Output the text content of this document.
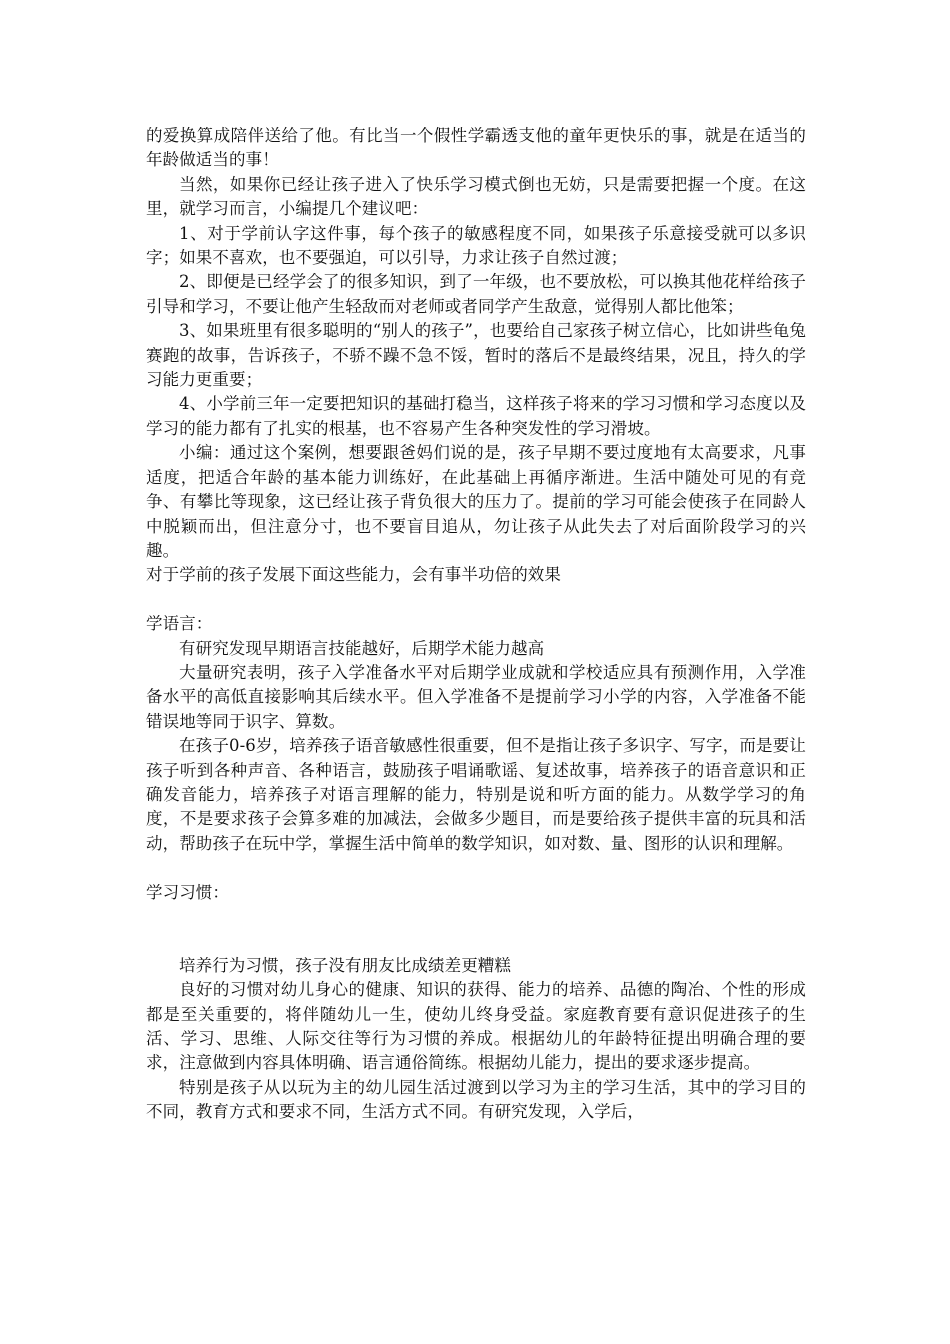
的爱换算成陪伴送给了他。有比当一个假性学霸透支他的童年更快乐的事，就是在适当的年龄做适当的事！

当然，如果你已经让孩子进入了快乐学习模式倒也无妨，只是需要把握一个度。在这里，就学习而言，小编提几个建议吧：

1、对于学前认字这件事，每个孩子的敏感程度不同，如果孩子乐意接受就可以多识字；如果不喜欢，也不要强迫，可以引导，力求让孩子自然过渡；

2、即便是已经学会了的很多知识，到了一年级，也不要放松，可以换其他花样给孩子引导和学习，不要让他产生轻敌而对老师或者同学产生敌意，觉得别人都比他笨；

3、如果班里有很多聪明的“别人的孩子”，也要给自己家孩子树立信心，比如讲些龟兔赛跑的故事，告诉孩子，不骄不躁不急不馁，暂时的落后不是最终结果，况且，持久的学习能力更重要；

4、小学前三年一定要把知识的基础打稳当，这样孩子将来的学习习惯和学习态度以及学习的能力都有了扎实的根基，也不容易产生各种突发性的学习滑坡。

小编：通过这个案例，想要跟爸妈们说的是，孩子早期不要过度地有太高要求，凡事适度，把适合年龄的基本能力训练好，在此基础上再循序渐进。生活中随处可见的有竞争、有攀比等现象，这已经让孩子背负很大的压力了。提前的学习可能会使孩子在同龄人中脱颖而出，但注意分寸，也不要盲目追从，勿让孩子从此失去了对后面阶段学习的兴趣。

对于学前的孩子发展下面这些能力，会有事半功倍的效果

学语言：

有研究发现早期语言技能越好，后期学术能力越高

大量研究表明，孩子入学准备水平对后期学业成就和学校适应具有预测作用，入学准备水平的高低直接影响其后续水平。但入学准备不是提前学习小学的内容，入学准备不能错误地等同于识字、算数。

在孩子0-6岁，培养孩子语音敏感性很重要，但不是指让孩子多识字、写字，而是要让孩子听到各种声音、各种语言，鼓励孩子唱诵歌谣、复述故事，培养孩子的语音意识和正确发音能力，培养孩子对语言理解的能力，特别是说和听方面的能力。从数学学习的角度，不是要求孩子会算多难的加减法，会做多少题目，而是要给孩子提供丰富的玩具和活动，帮助孩子在玩中学，掌握生活中简单的数学知识，如对数、量、图形的认识和理解。

学习习惯：

培养行为习惯，孩子没有朋友比成绩差更糟糕

良好的习惯对幼儿身心的健康、知识的获得、能力的培养、品德的陶冶、个性的形成都是至关重要的，将伴随幼儿一生，使幼儿终身受益。家庭教育要有意识促进孩子的生活、学习、思维、人际交往等行为习惯的养成。根据幼儿的年龄特征提出明确合理的要求，注意做到内容具体明确、语言通俗简练。根据幼儿能力，提出的要求逐步提高。

特别是孩子从以玩为主的幼儿园生活过渡到以学习为主的学习生活，其中的学习目的不同，教育方式和要求不同，生活方式不同。有研究发现，入学后，
